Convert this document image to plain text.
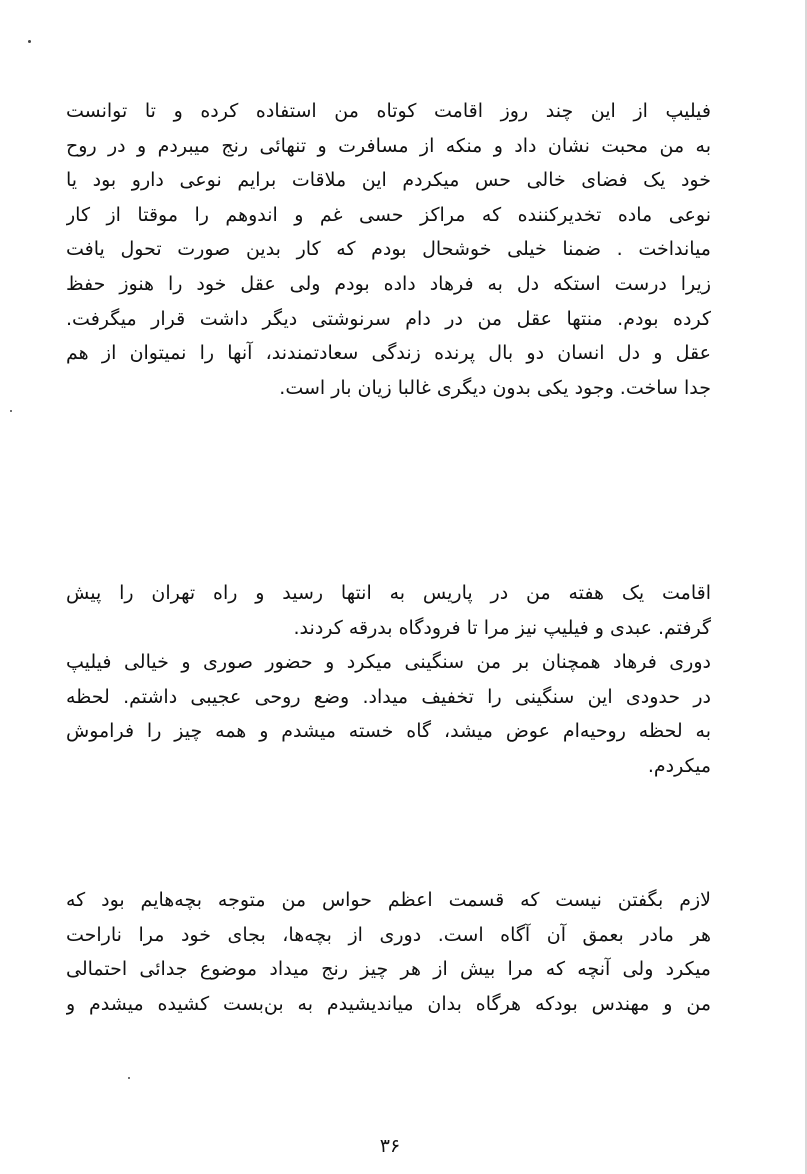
فیلیپ از این چند روز اقامت کوتاه من استفاده کرده و تا توانست
به من محبت نشان داد و منکه از مسافرت و تنهائی رنج میبردم و در روح
خود یک فضای خالی حس میکردم این ملاقات برایم نوعی دارو بود یا
نوعی ماده تخدیرکننده که مراکز حسی غم و اندوهم را موقتا از کار
میانداخت . ضمنا خیلی خوشحال بودم که کار بدین صورت تحول یافت
زیرا درست استکه دل به فرهاد داده بودم ولی عقل خود را هنوز حفظ
کرده بودم. منتها عقل من در دام سرنوشتی دیگر داشت قرار میگرفت.
عقل و دل انسان دو بال پرنده زندگی سعادتمندند، آنها را نمیتوان از هم
جدا ساخت. وجود یکی بدون دیگری غالبا زیان بار است.
اقامت یک هفته من در پاریس به انتها رسید و راه تهران را پیش
گرفتم. عبدی و فیلیپ نیز مرا تا فرودگاه بدرقه کردند.
دوری فرهاد همچنان بر من سنگینی میکرد و حضور صوری و خیالی فیلیپ
در حدودی این سنگینی را تخفیف میداد. وضع روحی عجیبی داشتم. لحظه
به لحظه روحیه‌ام عوض میشد، گاه خسته میشدم و همه چیز را فراموش
میکردم.
لازم بگفتن نیست که قسمت اعظم حواس من متوجه بچه‌هایم بود که
هر مادر بعمق آن آگاه است. دوری از بچه‌ها، بجای خود مرا ناراحت
میکرد ولی آنچه که مرا بیش از هر چیز رنج میداد موضوع جدائی احتمالی
من و مهندس بودکه هرگاه بدان میاندیشیدم به بن‌بست کشیده میشدم و
۳۶
